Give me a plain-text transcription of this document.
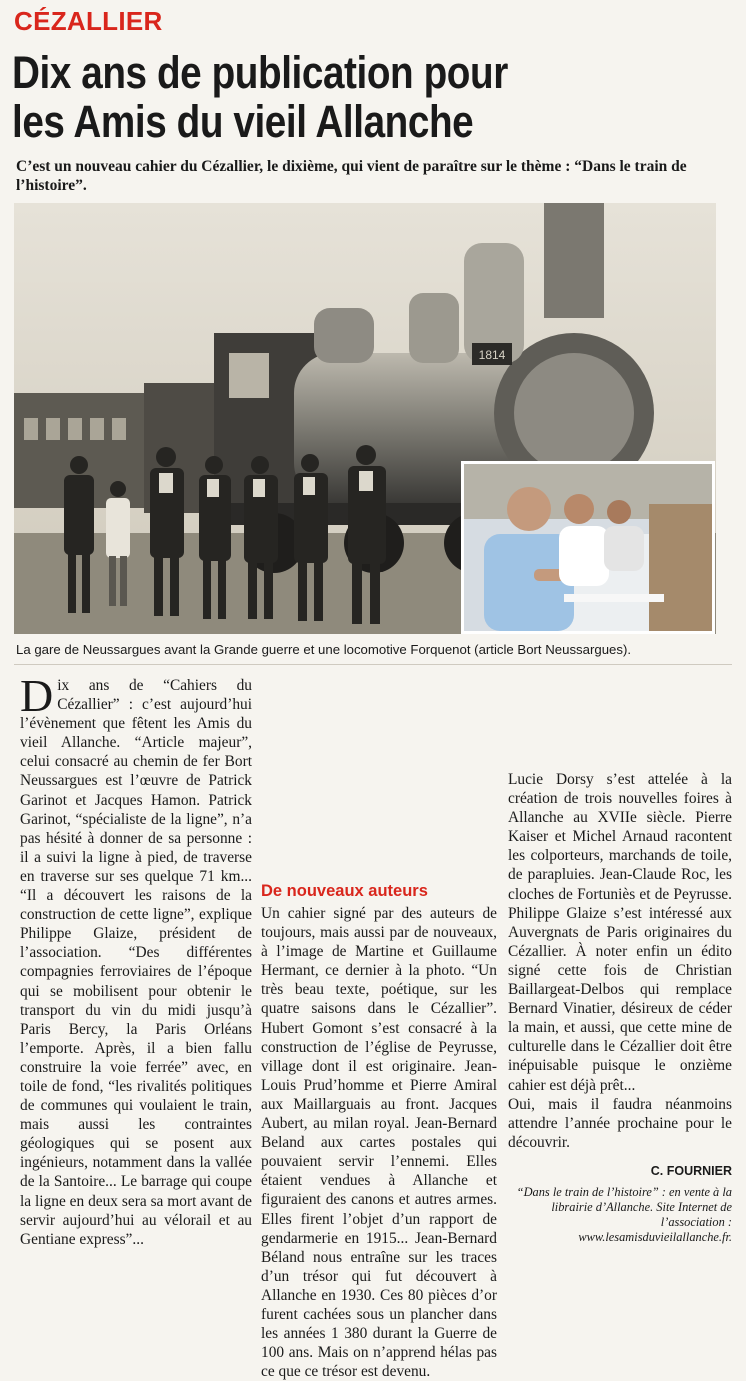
CÉZALLIER
Dix ans de publication pour
les Amis du vieil Allanche
C’est un nouveau cahier du Cézallier, le dixième, qui vient de paraître sur le thème : “Dans le train de l’histoire”.
1814
La gare de Neussargues avant la Grande guerre et une locomotive Forquenot (article Bort Neussargues).

Dix ans de “Cahiers du Cézallier” : c’est aujourd’hui l’évènement que fêtent les Amis du vieil Allanche. “Article majeur”, celui consacré au chemin de fer Bort Neussargues est l’œuvre de Patrick Garinot et Jacques Hamon. Patrick Garinot, “spécialiste de la ligne”, n’a pas hésité à donner de sa personne : il a suivi la ligne à pied, de traverse en traverse sur ses quelque 71 km... “Il a découvert les raisons de la construction de cette ligne”, explique Philippe Glaize, président de l’association. “Des différentes compagnies ferroviaires de l’époque qui se mobilisent pour obtenir le transport du vin du midi jusqu’à Paris Bercy, la Paris Orléans l’emporte. Après, il a bien fallu construire la voie ferrée” avec, en toile de fond, “les rivalités politiques de communes qui voulaient le train, mais aussi les contraintes géologiques qui se posent aux ingénieurs, notamment dans la vallée de la Santoire... Le barrage qui coupe la ligne en deux sera sa mort avant de servir aujourd’hui au vélorail et au Gentiane express”...

De nouveaux auteurs

Un cahier signé par des auteurs de toujours, mais aussi par de nouveaux, à l’image de Martine et Guillaume Hermant, ce dernier à la photo. “Un très beau texte, poétique, sur les quatre saisons dans le Cézallier”. Hubert Gomont s’est consacré à la construction de l’église de Peyrusse, village dont il est originaire. Jean-Louis Prud’homme et Pierre Amiral aux Maillarguais au front. Jacques Aubert, au milan royal. Jean-Bernard Beland aux cartes postales qui pouvaient servir l’ennemi. Elles étaient vendues à Allanche et figuraient des canons et autres armes. Elles firent l’objet d’un rapport de gendarmerie en 1915... Jean-Bernard Béland nous entraîne sur les traces d’un trésor qui fut découvert à Allanche en 1930. Ces 80 pièces d’or furent cachées sous un plancher dans les années 1 380 durant la Guerre de 100 ans. Mais on n’apprend hélas pas ce que ce trésor est devenu.

Lucie Dorsy s’est attelée à la création de trois nouvelles foires à Allanche au XVIIe siècle. Pierre Kaiser et Michel Arnaud racontent les colporteurs, marchands de toile, de parapluies. Jean-Claude Roc, les cloches de Fortuniès et de Peyrusse. Philippe Glaize s’est intéressé aux Auvergnats de Paris originaires du Cézallier. À noter enfin un édito signé cette fois de Christian Baillargeat-Delbos qui remplace Bernard Vinatier, désireux de céder la main, et aussi, que cette mine de culturelle dans le Cézallier doit être inépuisable puisque le onzième cahier est déjà prêt...

Oui, mais il faudra néanmoins attendre l’année prochaine pour le découvrir.

C. FOURNIER

“Dans le train de l’histoire” : en vente à la librairie d’Allanche. Site Internet de l’association : www.lesamisduvieilallanche.fr.
